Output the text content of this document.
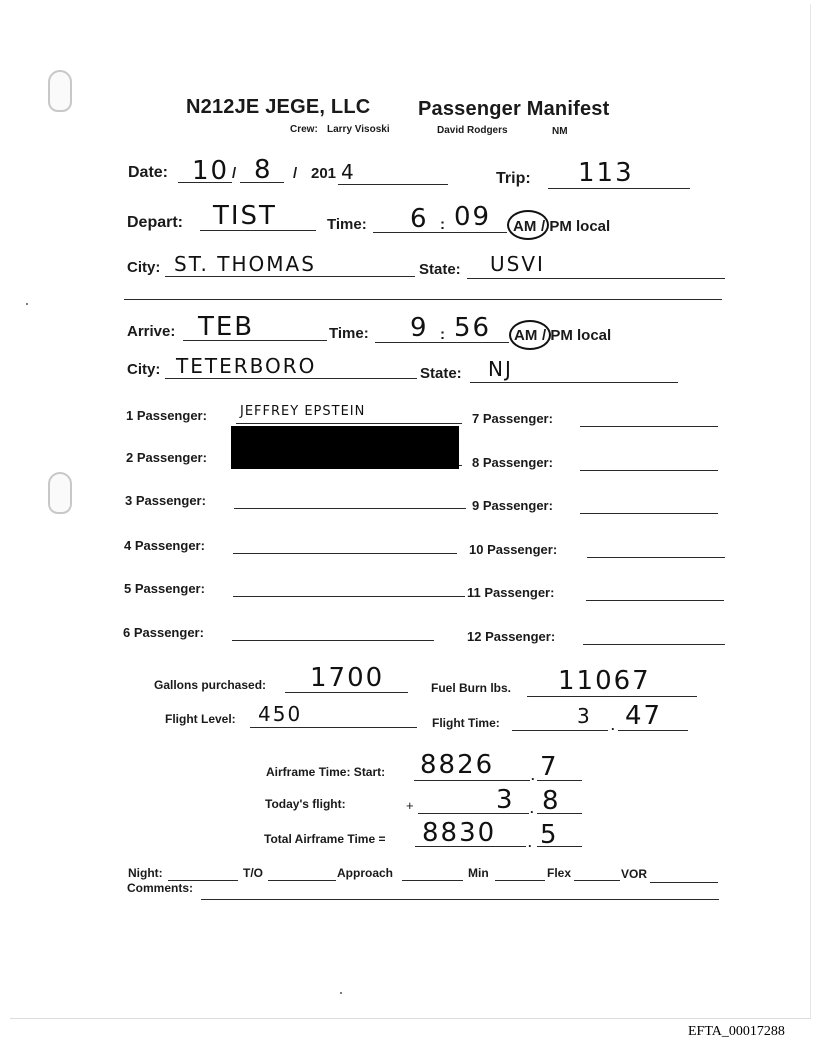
N212JE JEGE, LLC Passenger Manifest
Crew: Larry Visoski	David Rodgers	NM
Date: 10 / 8 / 201 4	Trip: 113
Depart: TIST	Time: 6 : 09 AM / PM local
City: ST. THOMAS	State: USVI
Arrive: TEB	Time: 9 : 56 AM / PM local
City: TETERBORO	State: NJ
1 Passenger:	JEFFREY EPSTEIN
2 Passenger:
3 Passenger:
4 Passenger:
5 Passenger:
6 Passenger:
7 Passenger:
8 Passenger:
9 Passenger:
10 Passenger:
11 Passenger:
12 Passenger:
Gallons purchased: 1700	Fuel Burn lbs. 11067
Flight Level: 450	Flight Time:	3 . 47
Airframe Time: Start: 8826	. 7
Today's flight:	+	3 . 8
Total Airframe Time = 8830 . 5
Night:	T/O	Approach	Min	Flex	VOR
Comments:
EFTA_00017288
